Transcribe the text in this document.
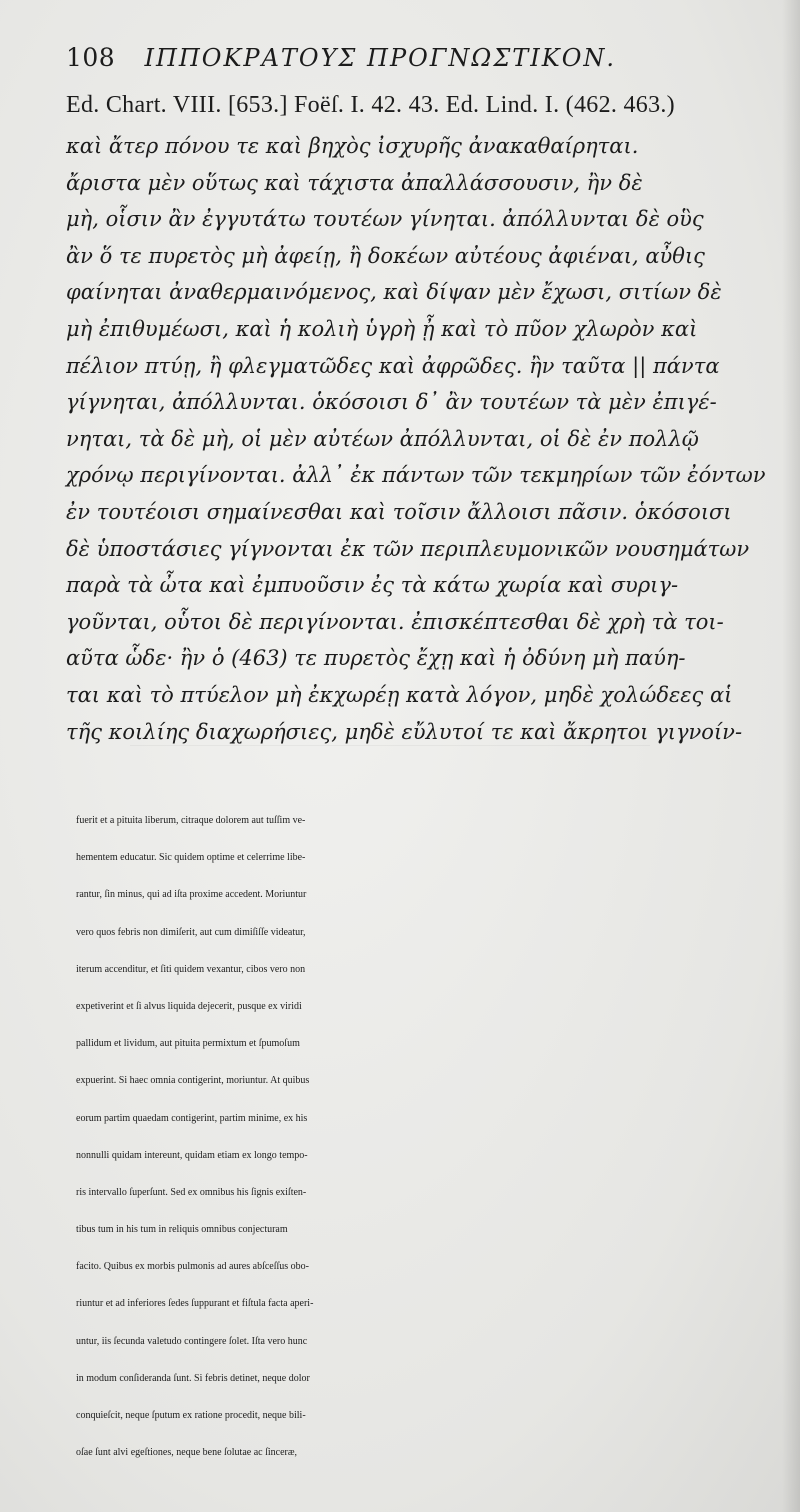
108 ΙΠΠΟΚΡΑΤΟΥΣ ΠΡΟΓΝΩΣΤΙΚΟΝ.
Ed. Chart. VIII. [653.] Foëſ. I. 42. 43. Ed. Lind. I. (462. 463.)
καὶ ἄτερ πόνου τε καὶ βηχὸς ἰσχυρῆς ἀνακαθαίρηται.
ἄριστα μὲν οὕτως καὶ τάχιστα ἀπαλλάσσουσιν, ἢν δὲ
μὴ, οἷσιν ἂν ἐγγυτάτω τουτέων γίνηται. ἀπόλλυνται δὲ οὓς
ἂν ὅ τε πυρετὸς μὴ ἀφείῃ, ἢ δοκέων αὐτέους ἀφιέναι, αὖθις
φαίνηται ἀναθερμαινόμενος, καὶ δίψαν μὲν ἔχωσι, σιτίων δὲ
μὴ ἐπιθυμέωσι, καὶ ἡ κολιὴ ὑγρὴ ᾖ καὶ τὸ πῦον χλωρὸν καὶ
πέλιον πτύῃ, ἢ φλεγματῶδες καὶ ἀφρῶδες. ἢν ταῦτα || πάντα
γίγνηται, ἀπόλλυνται. ὁκόσοισι δ᾽ ἂν τουτέων τὰ μὲν ἐπιγέ-
νηται, τὰ δὲ μὴ, οἱ μὲν αὐτέων ἀπόλλυνται, οἱ δὲ ἐν πολλῷ
χρόνῳ περιγίνονται. ἀλλ᾽ ἐκ πάντων τῶν τεκμηρίων τῶν ἐόντων
ἐν τουτέοισι σημαίνεσθαι καὶ τοῖσιν ἄλλοισι πᾶσιν. ὁκόσοισι
δὲ ὑποστάσιες γίγνονται ἐκ τῶν περιπλευμονικῶν νουσημάτων
παρὰ τὰ ὦτα καὶ ἐμπυοῦσιν ἐς τὰ κάτω χωρία καὶ συριγ-
γοῦνται, οὗτοι δὲ περιγίνονται. ἐπισκέπτεσθαι δὲ χρὴ τὰ τοι-
αῦτα ὧδε· ἢν ὁ (463) τε πυρετὸς ἔχῃ καὶ ἡ ὀδύνη μὴ παύη-
ται καὶ τὸ πτύελον μὴ ἐκχωρέῃ κατὰ λόγον, μηδὲ χολώδεες αἱ
τῆς κοιλίης διαχωρήσιες, μηδὲ εὔλυτοί τε καὶ ἄκρητοι γιγνοίν-
fuerit et a pituita liberum, citraque dolorem aut tuſſim ve-
hementem educatur. Sic quidem optime et celerrime libe-
rantur, ſin minus, qui ad iſta proxime accedent. Moriuntur
vero quos febris non dimiſerit, aut cum dimiſiſſe videatur,
iterum accenditur, et ſiti quidem vexantur, cibos vero non
expetiverint et ſi alvus liquida dejecerit, pusque ex viridi
pallidum et lividum, aut pituita permixtum et ſpumoſum
expuerint. Si haec omnia contigerint, moriuntur. At quibus
eorum partim quaedam contigerint, partim minime, ex his
nonnulli quidam intereunt, quidam etiam ex longo tempo-
ris intervallo ſuperſunt. Sed ex omnibus his ſignis exiſten-
tibus tum in his tum in reliquis omnibus conjecturam
facito. Quibus ex morbis pulmonis ad aures abſceſſus obo-
riuntur et ad inferiores ſedes ſuppurant et fiſtula facta aperi-
untur, iis ſecunda valetudo contingere ſolet. Iſta vero hunc
in modum conſideranda ſunt. Si febris detinet, neque dolor
conquieſcit, neque ſputum ex ratione procedit, neque bili-
oſae ſunt alvi egeſtiones, neque bene ſolutae ac ſinceræ,
